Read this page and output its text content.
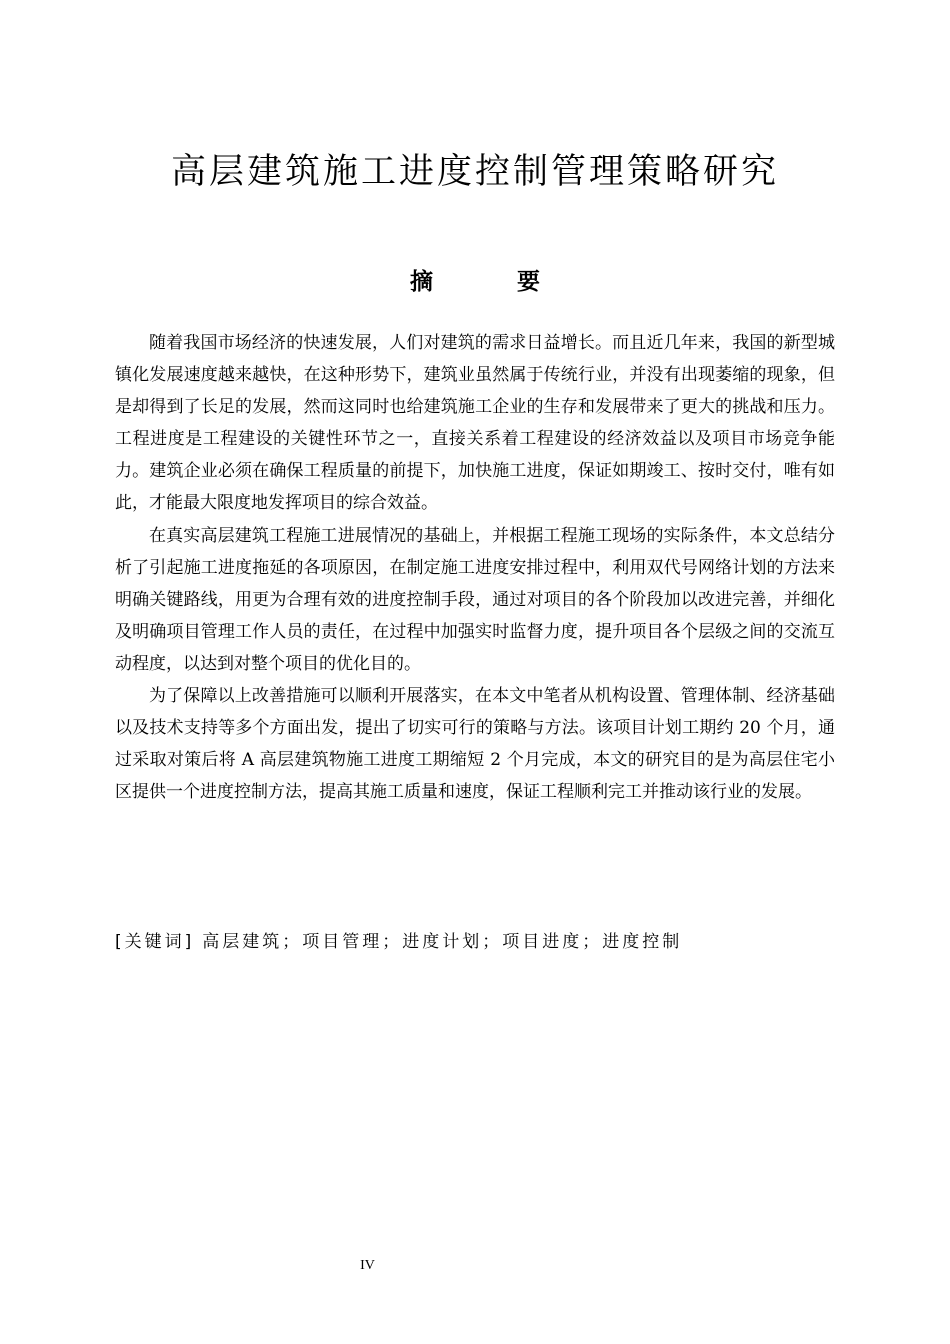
高层建筑施工进度控制管理策略研究
摘 要

随着我国市场经济的快速发展，人们对建筑的需求日益增长。而且近几年来，我国的新型城镇化发展速度越来越快，在这种形势下，建筑业虽然属于传统行业，并没有出现萎缩的现象，但是却得到了长足的发展，然而这同时也给建筑施工企业的生存和发展带来了更大的挑战和压力。工程进度是工程建设的关键性环节之一，直接关系着工程建设的经济效益以及项目市场竞争能力。建筑企业必须在确保工程质量的前提下，加快施工进度，保证如期竣工、按时交付，唯有如此，才能最大限度地发挥项目的综合效益。

在真实高层建筑工程施工进展情况的基础上，并根据工程施工现场的实际条件，本文总结分析了引起施工进度拖延的各项原因，在制定施工进度安排过程中，利用双代号网络计划的方法来明确关键路线，用更为合理有效的进度控制手段，通过对项目的各个阶段加以改进完善，并细化及明确项目管理工作人员的责任，在过程中加强实时监督力度，提升项目各个层级之间的交流互动程度，以达到对整个项目的优化目的。

为了保障以上改善措施可以顺利开展落实，在本文中笔者从机构设置、管理体制、经济基础以及技术支持等多个方面出发，提出了切实可行的策略与方法。该项目计划工期约 20 个月，通过采取对策后将 A 高层建筑物施工进度工期缩短 2 个月完成，本文的研究目的是为高层住宅小区提供一个进度控制方法，提高其施工质量和速度，保证工程顺利完工并推动该行业的发展。

[关键词] 高层建筑；项目管理；进度计划；项目进度；进度控制
IV
